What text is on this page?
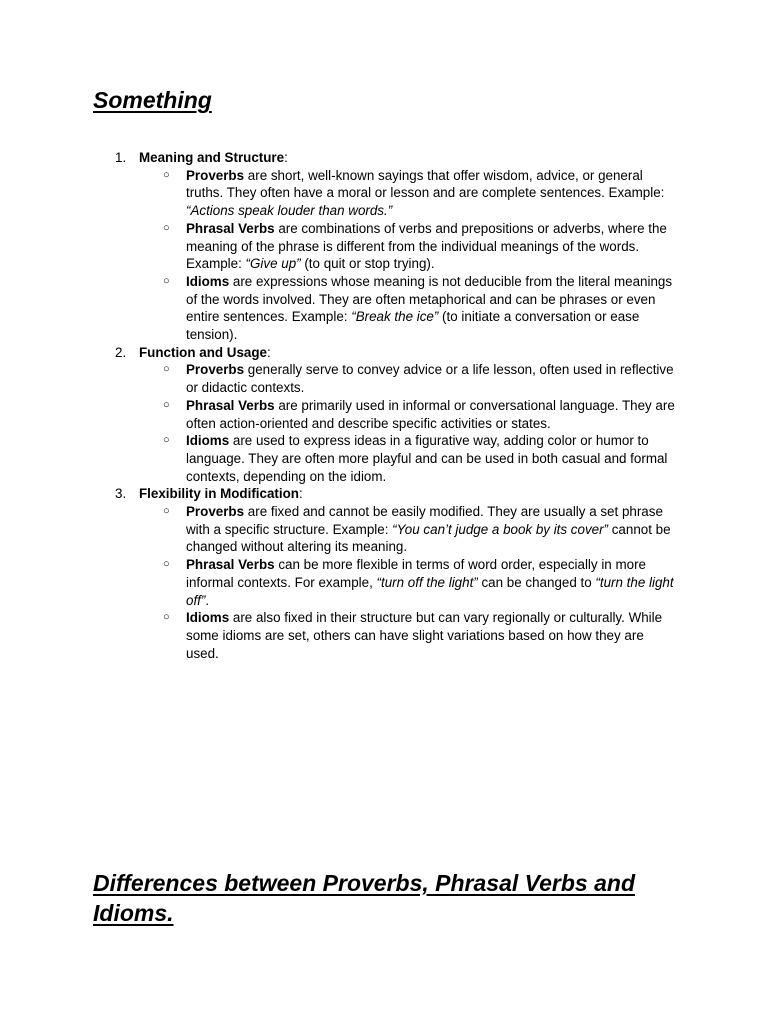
Something
1. Meaning and Structure:
○ Proverbs are short, well-known sayings that offer wisdom, advice, or general truths. They often have a moral or lesson and are complete sentences. Example: “Actions speak louder than words.”
○ Phrasal Verbs are combinations of verbs and prepositions or adverbs, where the meaning of the phrase is different from the individual meanings of the words. Example: “Give up” (to quit or stop trying).
○ Idioms are expressions whose meaning is not deducible from the literal meanings of the words involved. They are often metaphorical and can be phrases or even entire sentences. Example: “Break the ice” (to initiate a conversation or ease tension).
2. Function and Usage:
○ Proverbs generally serve to convey advice or a life lesson, often used in reflective or didactic contexts.
○ Phrasal Verbs are primarily used in informal or conversational language. They are often action-oriented and describe specific activities or states.
○ Idioms are used to express ideas in a figurative way, adding color or humor to language. They are often more playful and can be used in both casual and formal contexts, depending on the idiom.
3. Flexibility in Modification:
○ Proverbs are fixed and cannot be easily modified. They are usually a set phrase with a specific structure. Example: “You can’t judge a book by its cover” cannot be changed without altering its meaning.
○ Phrasal Verbs can be more flexible in terms of word order, especially in more informal contexts. For example, “turn off the light” can be changed to “turn the light off”.
○ Idioms are also fixed in their structure but can vary regionally or culturally. While some idioms are set, others can have slight variations based on how they are used.
Differences between Proverbs, Phrasal Verbs and Idioms.
